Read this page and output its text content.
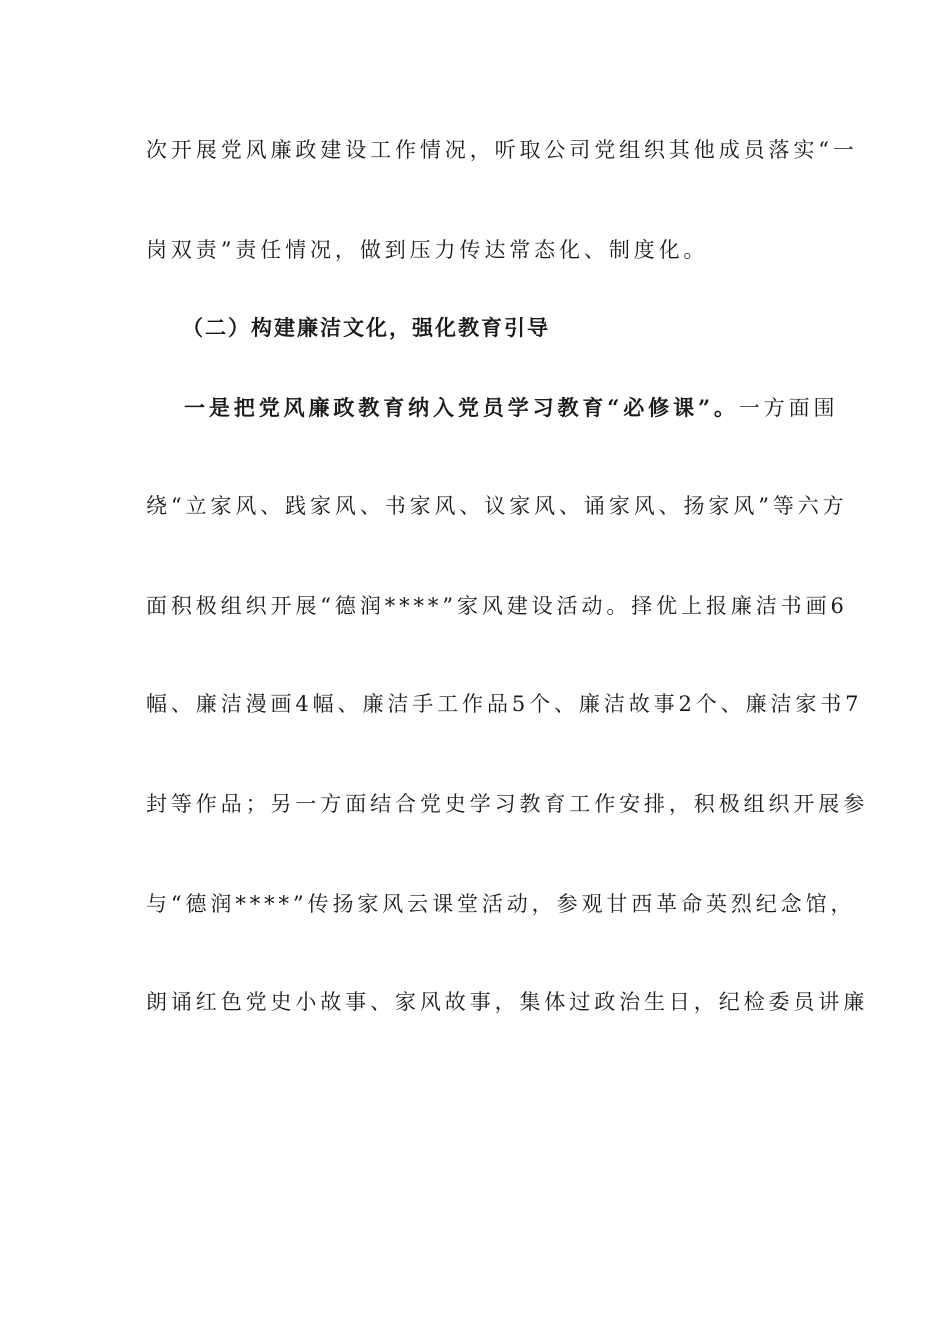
次开展党风廉政建设工作情况，听取公司党组织其他成员落实“一
岗双责”责任情况，做到压力传达常态化、制度化。
（二）构建廉洁文化，强化教育引导
一是把党风廉政教育纳入党员学习教育“必修课”。一方面围
绕“立家风、践家风、书家风、议家风、诵家风、扬家风”等六方
面积极组织开展“德润****”家风建设活动。择优上报廉洁书画6
幅、廉洁漫画4幅、廉洁手工作品5个、廉洁故事2个、廉洁家书7
封等作品；另一方面结合党史学习教育工作安排，积极组织开展参
与“德润****”传扬家风云课堂活动，参观甘西革命英烈纪念馆，
朗诵红色党史小故事、家风故事，集体过政治生日，纪检委员讲廉
